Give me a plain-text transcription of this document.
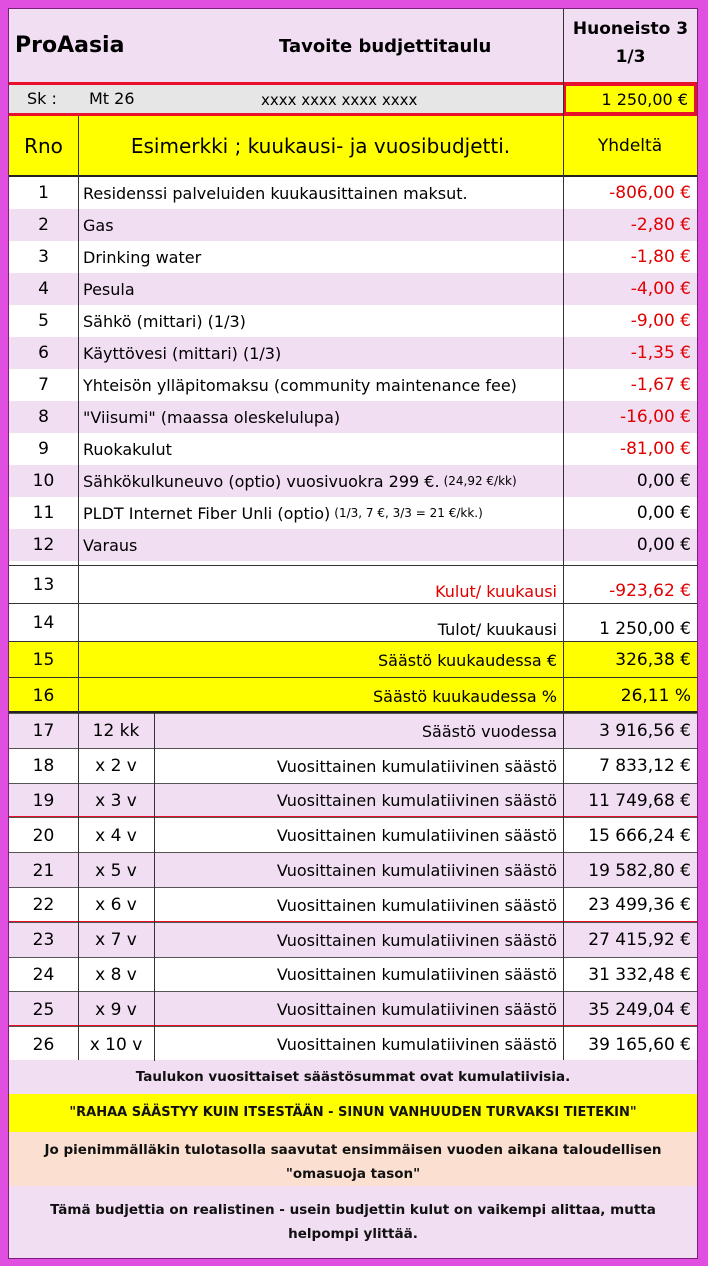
ProAasia	Tavoite budjettitaulu
Huoneisto 3
1/3
Sk : Mt 26	xxxx xxxx xxxx xxxx	1 250,00 €
Rno	Esimerkki ; kuukausi- ja vuosibudjetti.	Yhdeltä
1	Residenssi palveluiden kuukausittainen maksut.	-806,00 €
2	Gas	-2,80 €
3	Drinking water	-1,80 €
4	Pesula	-4,00 €
5	Sähkö (mittari) (1/3)	-9,00 €
6	Käyttövesi (mittari) (1/3)	-1,35 €
7	Yhteisön ylläpitomaksu (community maintenance fee)	-1,67 €
8	"Viisumi" (maassa oleskelulupa)	-16,00 €
9	Ruokakulut	-81,00 €
10	Sähkökulkuneuvo (optio) vuosivuokra 299 €. (24,92 €/kk)	0,00 €
11	PLDT Internet Fiber Unli (optio) (1/3, 7 €, 3/3 = 21 €/kk.)	0,00 €
12	Varaus	0,00 €
13	Kulut/ kuukausi	-923,62 €
14	Tulot/ kuukausi	1 250,00 €
15	Säästö kuukaudessa €	326,38 €
16	Säästö kuukaudessa %	26,11 %
17	12 kk	Säästö vuodessa	3 916,56 €
18	x 2 v	Vuosittainen kumulatiivinen säästö	7 833,12 €
19	x 3 v	Vuosittainen kumulatiivinen säästö	11 749,68 €
20	x 4 v	Vuosittainen kumulatiivinen säästö	15 666,24 €
21	x 5 v	Vuosittainen kumulatiivinen säästö	19 582,80 €
22	x 6 v	Vuosittainen kumulatiivinen säästö	23 499,36 €
23	x 7 v	Vuosittainen kumulatiivinen säästö	27 415,92 €
24	x 8 v	Vuosittainen kumulatiivinen säästö	31 332,48 €
25	x 9 v	Vuosittainen kumulatiivinen säästö	35 249,04 €
26	x 10 v	Vuosittainen kumulatiivinen säästö	39 165,60 €
Taulukon vuosittaiset säästösummat ovat kumulatiivisia.
"RAHAA SÄÄSTYY KUIN ITSESTÄÄN - SINUN VANHUUDEN TURVAKSI TIETEKIN"
Jo pienimmälläkin tulotasolla saavutat ensimmäisen vuoden aikana taloudellisen "omasuoja tason"
Tämä budjettia on realistinen - usein budjettin kulut on vaikempi alittaa, mutta helpompi ylittää.
